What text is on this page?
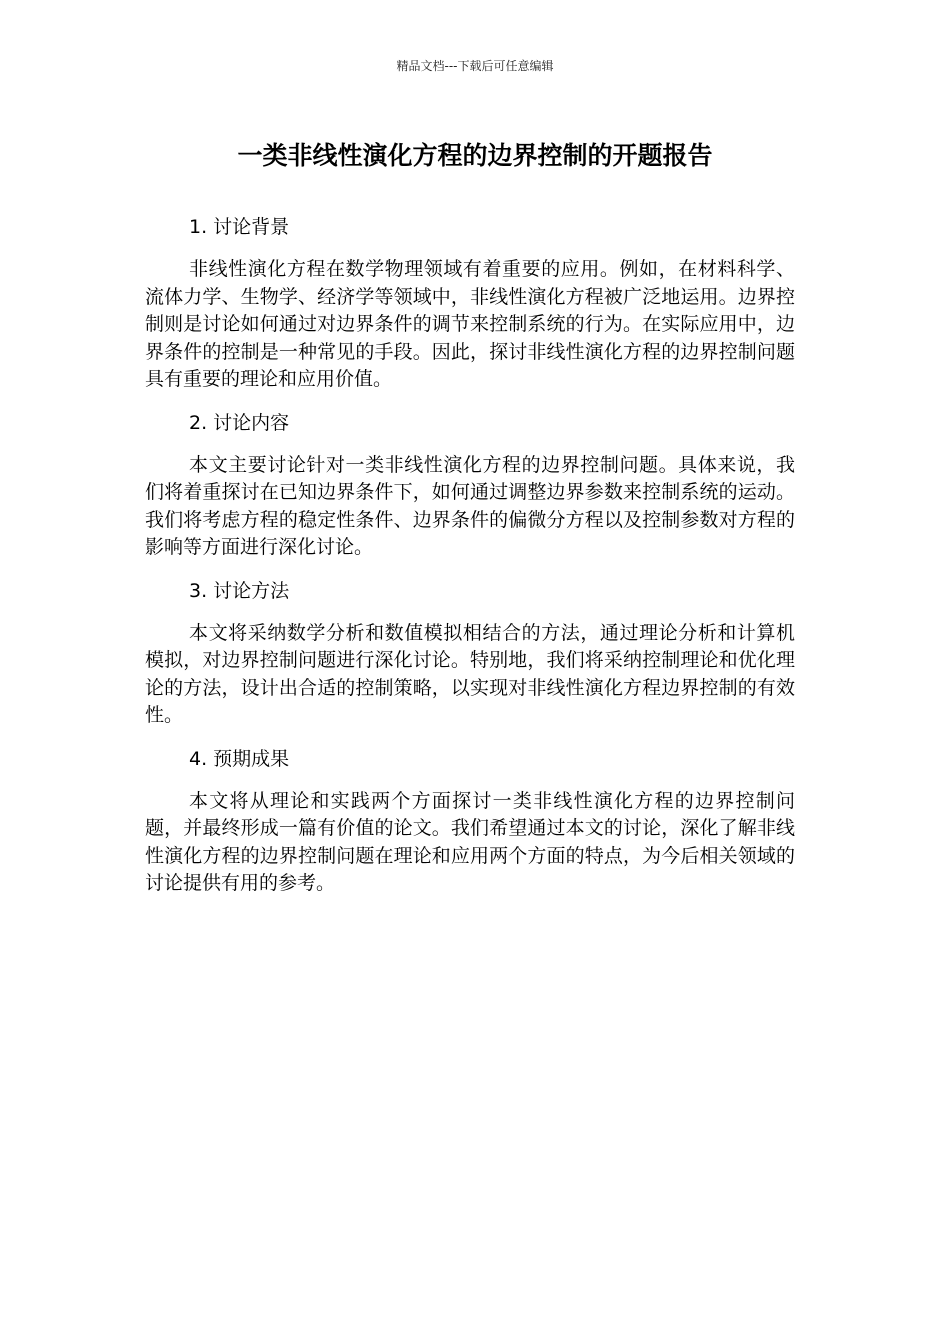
精品文档---下载后可任意编辑
一类非线性演化方程的边界控制的开题报告

1. 讨论背景

非线性演化方程在数学物理领域有着重要的应用。例如，在材料科学、流体力学、生物学、经济学等领域中，非线性演化方程被广泛地运用。边界控制则是讨论如何通过对边界条件的调节来控制系统的行为。在实际应用中，边界条件的控制是一种常见的手段。因此，探讨非线性演化方程的边界控制问题具有重要的理论和应用价值。

2. 讨论内容

本文主要讨论针对一类非线性演化方程的边界控制问题。具体来说，我们将着重探讨在已知边界条件下，如何通过调整边界参数来控制系统的运动。我们将考虑方程的稳定性条件、边界条件的偏微分方程以及控制参数对方程的影响等方面进行深化讨论。

3. 讨论方法

本文将采纳数学分析和数值模拟相结合的方法，通过理论分析和计算机模拟，对边界控制问题进行深化讨论。特别地，我们将采纳控制理论和优化理论的方法，设计出合适的控制策略，以实现对非线性演化方程边界控制的有效性。

4. 预期成果

本文将从理论和实践两个方面探讨一类非线性演化方程的边界控制问题，并最终形成一篇有价值的论文。我们希望通过本文的讨论，深化了解非线性演化方程的边界控制问题在理论和应用两个方面的特点，为今后相关领域的讨论提供有用的参考。
